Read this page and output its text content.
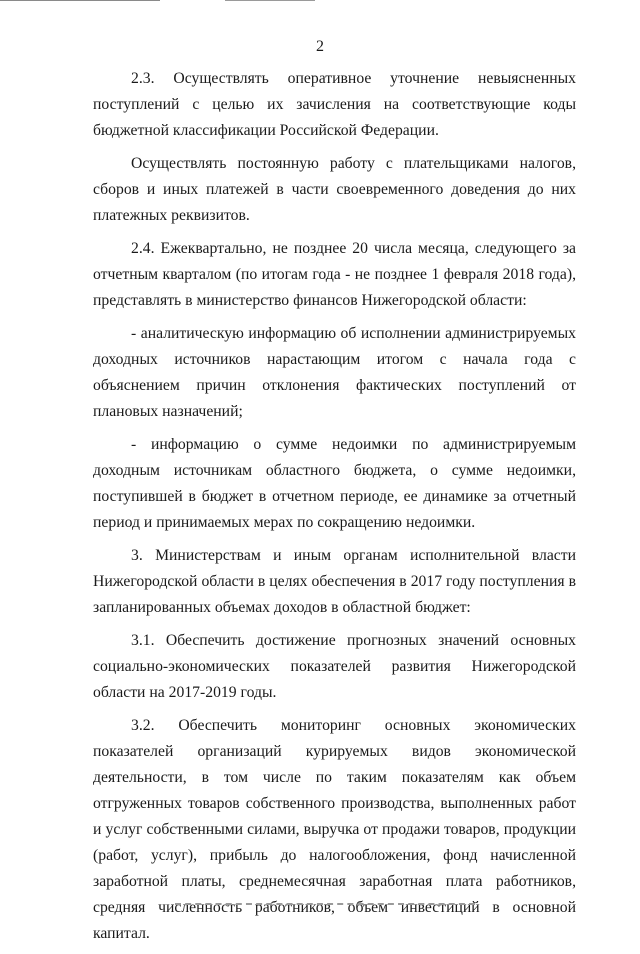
2

2.3. Осуществлять оперативное уточнение невыясненных поступлений с целью их зачисления на соответствующие коды бюджетной классификации Российской Федерации.

Осуществлять постоянную работу с плательщиками налогов, сборов и иных платежей в части своевременного доведения до них платежных реквизитов.

2.4. Ежеквартально, не позднее 20 числа месяца, следующего за отчетным кварталом (по итогам года - не позднее 1 февраля 2018 года), представлять в министерство финансов Нижегородской области:

- аналитическую информацию об исполнении администрируемых доходных источников нарастающим итогом с начала года с объяснением причин отклонения фактических поступлений от плановых назначений;

- информацию о сумме недоимки по администрируемым доходным источникам областного бюджета, о сумме недоимки, поступившей в бюджет в отчетном периоде, ее динамике за отчетный период и принимаемых мерах по сокращению недоимки.

3. Министерствам и иным органам исполнительной власти Нижегородской области в целях обеспечения в 2017 году поступления в запланированных объемах доходов в областной бюджет:

3.1. Обеспечить достижение прогнозных значений основных социально-экономических показателей развития Нижегородской области на 2017-2019 годы.

3.2. Обеспечить мониторинг основных экономических показателей организаций курируемых видов экономической деятельности, в том числе по таким показателям как объем отгруженных товаров собственного производства, выполненных работ и услуг собственными силами, выручка от продажи товаров, продукции (работ, услуг), прибыль до налогообложения, фонд начисленной заработной платы, среднемесячная заработная плата работников, средняя численность работников, объем инвестиций в основной капитал.
